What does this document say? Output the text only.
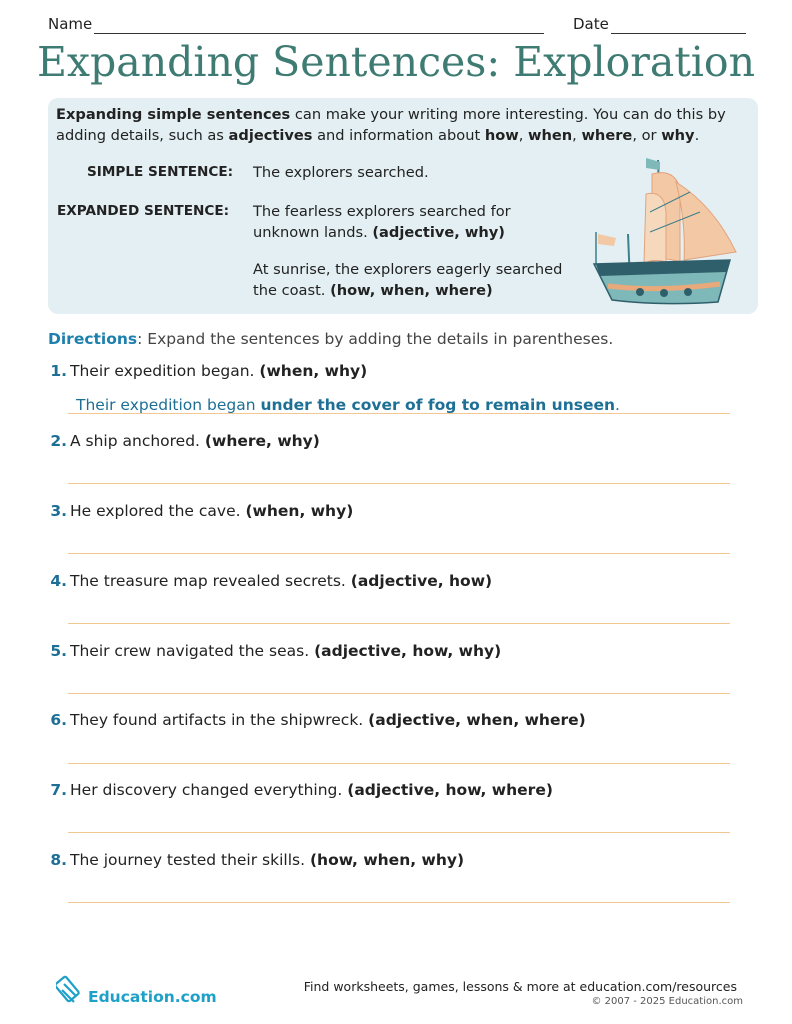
Name	Date
Expanding Sentences: Exploration
Expanding simple sentences can make your writing more interesting. You can do this by adding details, such as adjectives and information about how, when, where, or why.
SIMPLE SENTENCE: The explorers searched.
EXPANDED SENTENCE: The fearless explorers searched for unknown lands. (adjective, why)
At sunrise, the explorers eagerly searched the coast. (how, when, where)
Directions: Expand the sentences by adding the details in parentheses.
1. Their expedition began. (when, why)
Their expedition began under the cover of fog to remain unseen.
2. A ship anchored. (where, why)
3. He explored the cave. (when, why)
4. The treasure map revealed secrets. (adjective, how)
5. Their crew navigated the seas. (adjective, how, why)
6. They found artifacts in the shipwreck. (adjective, when, where)
7. Her discovery changed everything. (adjective, how, where)
8. The journey tested their skills. (how, when, why)
Education.com
Find worksheets, games, lessons & more at education.com/resources
© 2007 - 2025 Education.com
